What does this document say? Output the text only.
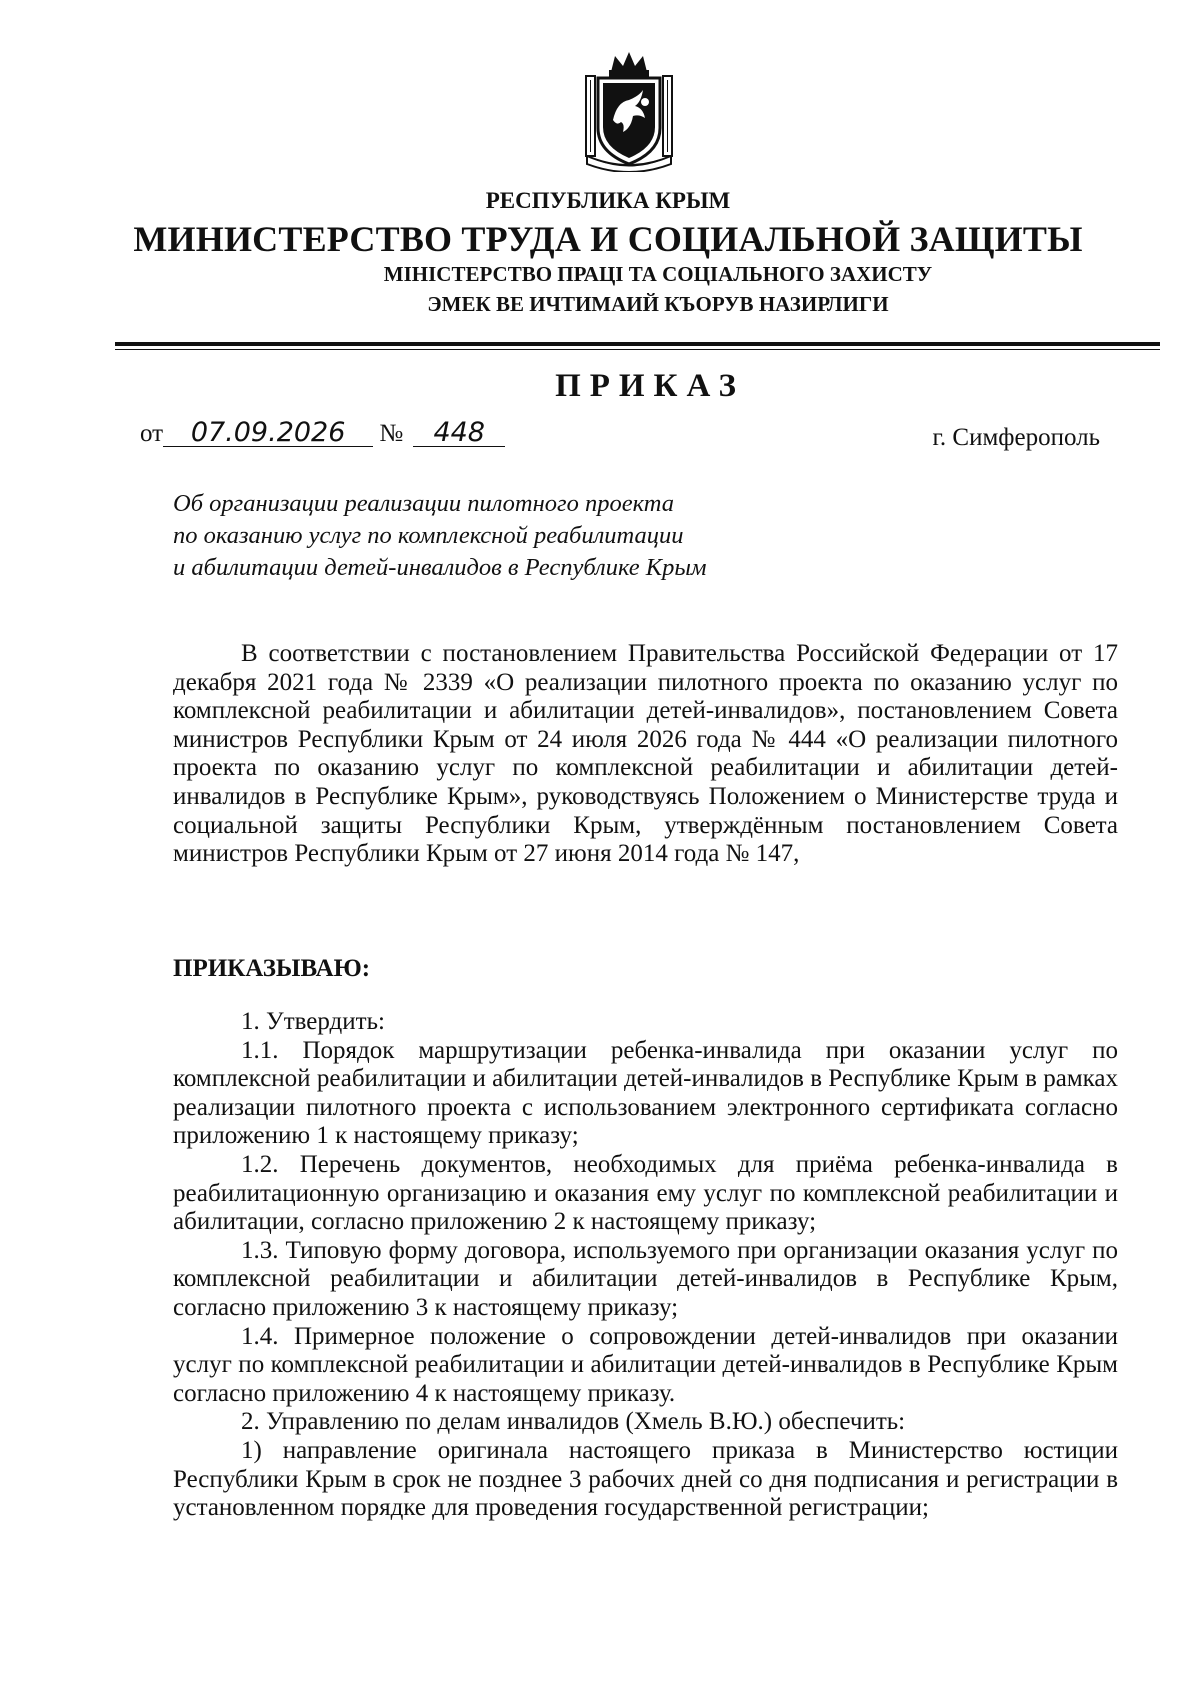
РЕСПУБЛИКА КРЫМ
МИНИСТЕРСТВО ТРУДА И СОЦИАЛЬНОЙ ЗАЩИТЫ
МІНІСТЕРСТВО ПРАЦІ ТА СОЦІАЛЬНОГО ЗАХИСТУ
ЭМЕК ВЕ ИЧТИМАИЙ КЪОРУВ НАЗИРЛИГИ
ПРИКАЗ
от 07.09.2026 № 448	г. Симферополь
Об организации реализации пилотного проекта
по оказанию услуг по комплексной реабилитации
и абилитации детей-инвалидов в Республике Крым
В соответствии с постановлением Правительства Российской Федерации от 17 декабря 2021 года № 2339 «О реализации пилотного проекта по оказанию услуг по комплексной реабилитации и абилитации детей-инвалидов», постановлением Совета министров Республики Крым от 24 июля 2026 года № 444 «О реализации пилотного проекта по оказанию услуг по комплексной реабилитации и абилитации детей-инвалидов в Республике Крым», руководствуясь Положением о Министерстве труда и социальной защиты Республики Крым, утверждённым постановлением Совета министров Республики Крым от 27 июня 2014 года № 147,
ПРИКАЗЫВАЮ:

1. Утвердить:

1.1. Порядок маршрутизации ребенка-инвалида при оказании услуг по комплексной реабилитации и абилитации детей-инвалидов в Республике Крым в рамках реализации пилотного проекта с использованием электронного сертификата согласно приложению 1 к настоящему приказу;

1.2. Перечень документов, необходимых для приёма ребенка-инвалида в реабилитационную организацию и оказания ему услуг по комплексной реабилитации и абилитации, согласно приложению 2 к настоящему приказу;

1.3. Типовую форму договора, используемого при организации оказания услуг по комплексной реабилитации и абилитации детей-инвалидов в Республике Крым, согласно приложению 3 к настоящему приказу;

1.4. Примерное положение о сопровождении детей-инвалидов при оказании услуг по комплексной реабилитации и абилитации детей-инвалидов в Республике Крым согласно приложению 4 к настоящему приказу.

2. Управлению по делам инвалидов (Хмель В.Ю.) обеспечить:

1) направление оригинала настоящего приказа в Министерство юстиции Республики Крым в срок не позднее 3 рабочих дней со дня подписания и регистрации в установленном порядке для проведения государственной регистрации;
